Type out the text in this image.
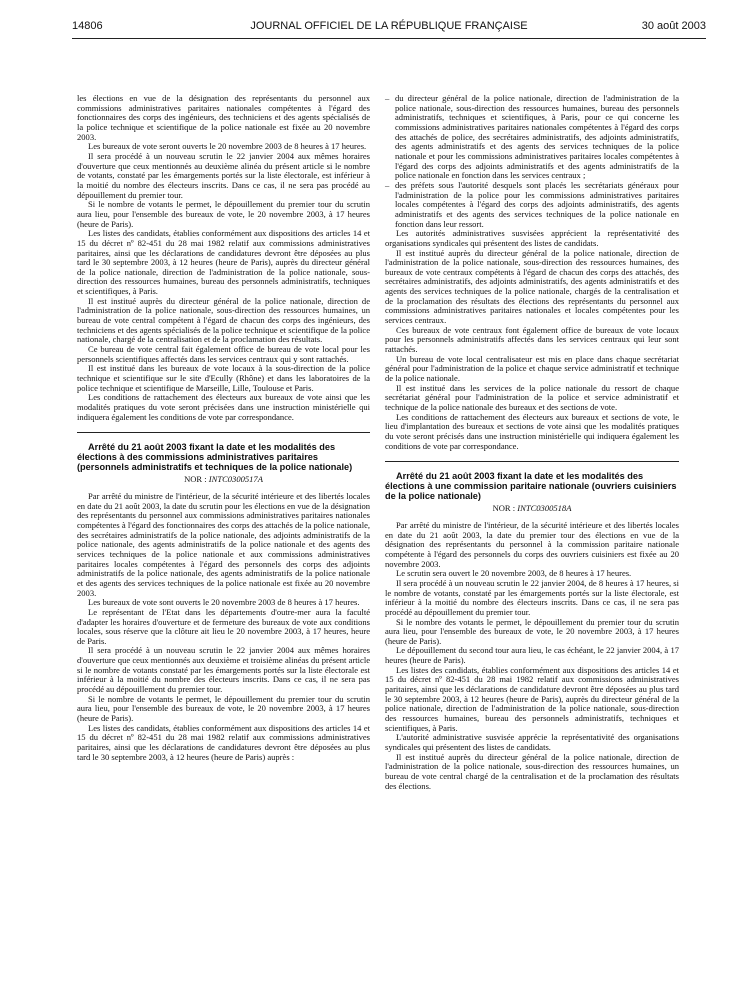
14806	JOURNAL OFFICIEL DE LA RÉPUBLIQUE FRANÇAISE	30 août 2003

les élections en vue de la désignation des représentants du personnel aux commissions administratives paritaires nationales compétentes à l'égard des fonctionnaires des corps des ingénieurs, des techniciens et des agents spécialisés de la police technique et scientifique de la police nationale est fixée au 20 novembre 2003.

Les bureaux de vote seront ouverts le 20 novembre 2003 de 8 heures à 17 heures.

Il sera procédé à un nouveau scrutin le 22 janvier 2004 aux mêmes horaires d'ouverture que ceux mentionnés au deuxième alinéa du présent article si le nombre de votants, constaté par les émargements portés sur la liste électorale, est inférieur à la moitié du nombre des électeurs inscrits. Dans ce cas, il ne sera pas procédé au dépouillement du premier tour.

Si le nombre de votants le permet, le dépouillement du premier tour du scrutin aura lieu, pour l'ensemble des bureaux de vote, le 20 novembre 2003, à 17 heures (heure de Paris).

Les listes des candidats, établies conformément aux dispositions des articles 14 et 15 du décret nº 82-451 du 28 mai 1982 relatif aux commissions administratives paritaires, ainsi que les déclarations de candidatures devront être déposées au plus tard le 30 septembre 2003, à 12 heures (heure de Paris), auprès du directeur général de la police nationale, direction de l'administration de la police nationale, sous-direction des ressources humaines, bureau des personnels administratifs, techniques et scientifiques, à Paris.

Il est institué auprès du directeur général de la police nationale, direction de l'administration de la police nationale, sous-direction des ressources humaines, un bureau de vote central compétent à l'égard de chacun des corps des ingénieurs, des techniciens et des agents spécialisés de la police technique et scientifique de la police nationale, chargé de la centralisation et de la proclamation des résultats.

Ce bureau de vote central fait également office de bureau de vote local pour les personnels scientifiques affectés dans les services centraux qui y sont rattachés.

Il est institué dans les bureaux de vote locaux à la sous-direction de la police technique et scientifique sur le site d'Ecully (Rhône) et dans les laboratoires de la police technique et scientifique de Marseille, Lille, Toulouse et Paris.

Les conditions de rattachement des électeurs aux bureaux de vote ainsi que les modalités pratiques du vote seront précisées dans une instruction ministérielle qui indiquera également les conditions de vote par correspondance.

Arrêté du 21 août 2003 fixant la date et les modalités des élections à des commissions administratives paritaires (personnels administratifs et techniques de la police nationale)

NOR : INTC0300517A

Par arrêté du ministre de l'intérieur, de la sécurité intérieure et des libertés locales en date du 21 août 2003, la date du scrutin pour les élections en vue de la désignation des représentants du personnel aux commissions administratives paritaires nationales compétentes à l'égard des fonctionnaires des corps des attachés de la police nationale, des secrétaires administratifs de la police nationale, des adjoints administratifs de la police nationale, des agents administratifs de la police nationale et des agents des services techniques de la police nationale et aux commissions administratives paritaires locales compétentes à l'égard des personnels des corps des adjoints administratifs de la police nationale, des agents administratifs de la police nationale et des agents des services techniques de la police nationale est fixée au 20 novembre 2003.

Les bureaux de vote sont ouverts le 20 novembre 2003 de 8 heures à 17 heures.

Le représentant de l'Etat dans les départements d'outre-mer aura la faculté d'adapter les horaires d'ouverture et de fermeture des bureaux de vote aux conditions locales, sous réserve que la clôture ait lieu le 20 novembre 2003, à 17 heures, heure de Paris.

Il sera procédé à un nouveau scrutin le 22 janvier 2004 aux mêmes horaires d'ouverture que ceux mentionnés aux deuxième et troisième alinéas du présent article si le nombre de votants constaté par les émargements portés sur la liste électorale est inférieur à la moitié du nombre des électeurs inscrits. Dans ce cas, il ne sera pas procédé au dépouillement du premier tour.

Si le nombre de votants le permet, le dépouillement du premier tour du scrutin aura lieu, pour l'ensemble des bureaux de vote, le 20 novembre 2003, à 17 heures (heure de Paris).

Les listes des candidats, établies conformément aux dispositions des articles 14 et 15 du décret nº 82-451 du 28 mai 1982 relatif aux commissions administratives paritaires, ainsi que les déclarations de candidatures devront être déposées au plus tard le 30 septembre 2003, à 12 heures (heure de Paris) auprès :

– du directeur général de la police nationale, direction de l'administration de la police nationale, sous-direction des ressources humaines, bureau des personnels administratifs, techniques et scientifiques, à Paris, pour ce qui concerne les commissions administratives paritaires nationales compétentes à l'égard des corps des attachés de police, des secrétaires administratifs, des adjoints administratifs, des agents administratifs et des agents des services techniques de la police nationale et pour les commissions administratives paritaires locales compétentes à l'égard des corps des adjoints administratifs et des agents administratifs de la police nationale en fonction dans les services centraux ;
– des préfets sous l'autorité desquels sont placés les secrétariats généraux pour l'administration de la police pour les commissions administratives paritaires locales compétentes à l'égard des corps des adjoints administratifs, des agents administratifs et des agents des services techniques de la police nationale en fonction dans leur ressort.

Les autorités administratives susvisées apprécient la représentativité des organisations syndicales qui présentent des listes de candidats.

Il est institué auprès du directeur général de la police nationale, direction de l'administration de la police nationale, sous-direction des ressources humaines, des bureaux de vote centraux compétents à l'égard de chacun des corps des attachés, des secrétaires administratifs, des adjoints administratifs, des agents administratifs et des agents des services techniques de la police nationale, chargés de la centralisation et de la proclamation des résultats des élections des représentants du personnel aux commissions administratives paritaires nationales et locales compétentes pour les services centraux.

Ces bureaux de vote centraux font également office de bureaux de vote locaux pour les personnels administratifs affectés dans les services centraux qui leur sont rattachés.

Un bureau de vote local centralisateur est mis en place dans chaque secrétariat général pour l'administration de la police et chaque service administratif et technique de la police nationale.

Il est institué dans les services de la police nationale du ressort de chaque secrétariat général pour l'administration de la police et service administratif et technique de la police nationale des bureaux et des sections de vote.

Les conditions de rattachement des électeurs aux bureaux et sections de vote, le lieu d'implantation des bureaux et sections de vote ainsi que les modalités pratiques du vote seront précisés dans une instruction ministérielle qui indiquera également les conditions de vote par correspondance.

Arrêté du 21 août 2003 fixant la date et les modalités des élections à une commission paritaire nationale (ouvriers cuisiniers de la police nationale)

NOR : INTC0300518A

Par arrêté du ministre de l'intérieur, de la sécurité intérieure et des libertés locales en date du 21 août 2003, la date du premier tour des élections en vue de la désignation des représentants du personnel à la commission paritaire nationale compétente à l'égard des personnels du corps des ouvriers cuisiniers est fixée au 20 novembre 2003.

Le scrutin sera ouvert le 20 novembre 2003, de 8 heures à 17 heures.

Il sera procédé à un nouveau scrutin le 22 janvier 2004, de 8 heures à 17 heures, si le nombre de votants, constaté par les émargements portés sur la liste électorale, est inférieur à la moitié du nombre des électeurs inscrits. Dans ce cas, il ne sera pas procédé au dépouillement du premier tour.

Si le nombre des votants le permet, le dépouillement du premier tour du scrutin aura lieu, pour l'ensemble des bureaux de vote, le 20 novembre 2003, à 17 heures (heure de Paris).

Le dépouillement du second tour aura lieu, le cas échéant, le 22 janvier 2004, à 17 heures (heure de Paris).

Les listes des candidats, établies conformément aux dispositions des articles 14 et 15 du décret nº 82-451 du 28 mai 1982 relatif aux commissions administratives paritaires, ainsi que les déclarations de candidature devront être déposées au plus tard le 30 septembre 2003, à 12 heures (heure de Paris), auprès du directeur général de la police nationale, direction de l'administration de la police nationale, sous-direction des ressources humaines, bureau des personnels administratifs, techniques et scientifiques, à Paris.

L'autorité administrative susvisée apprécie la représentativité des organisations syndicales qui présentent des listes de candidats.

Il est institué auprès du directeur général de la police nationale, direction de l'administration de la police nationale, sous-direction des ressources humaines, un bureau de vote central chargé de la centralisation et de la proclamation des résultats des élections.
